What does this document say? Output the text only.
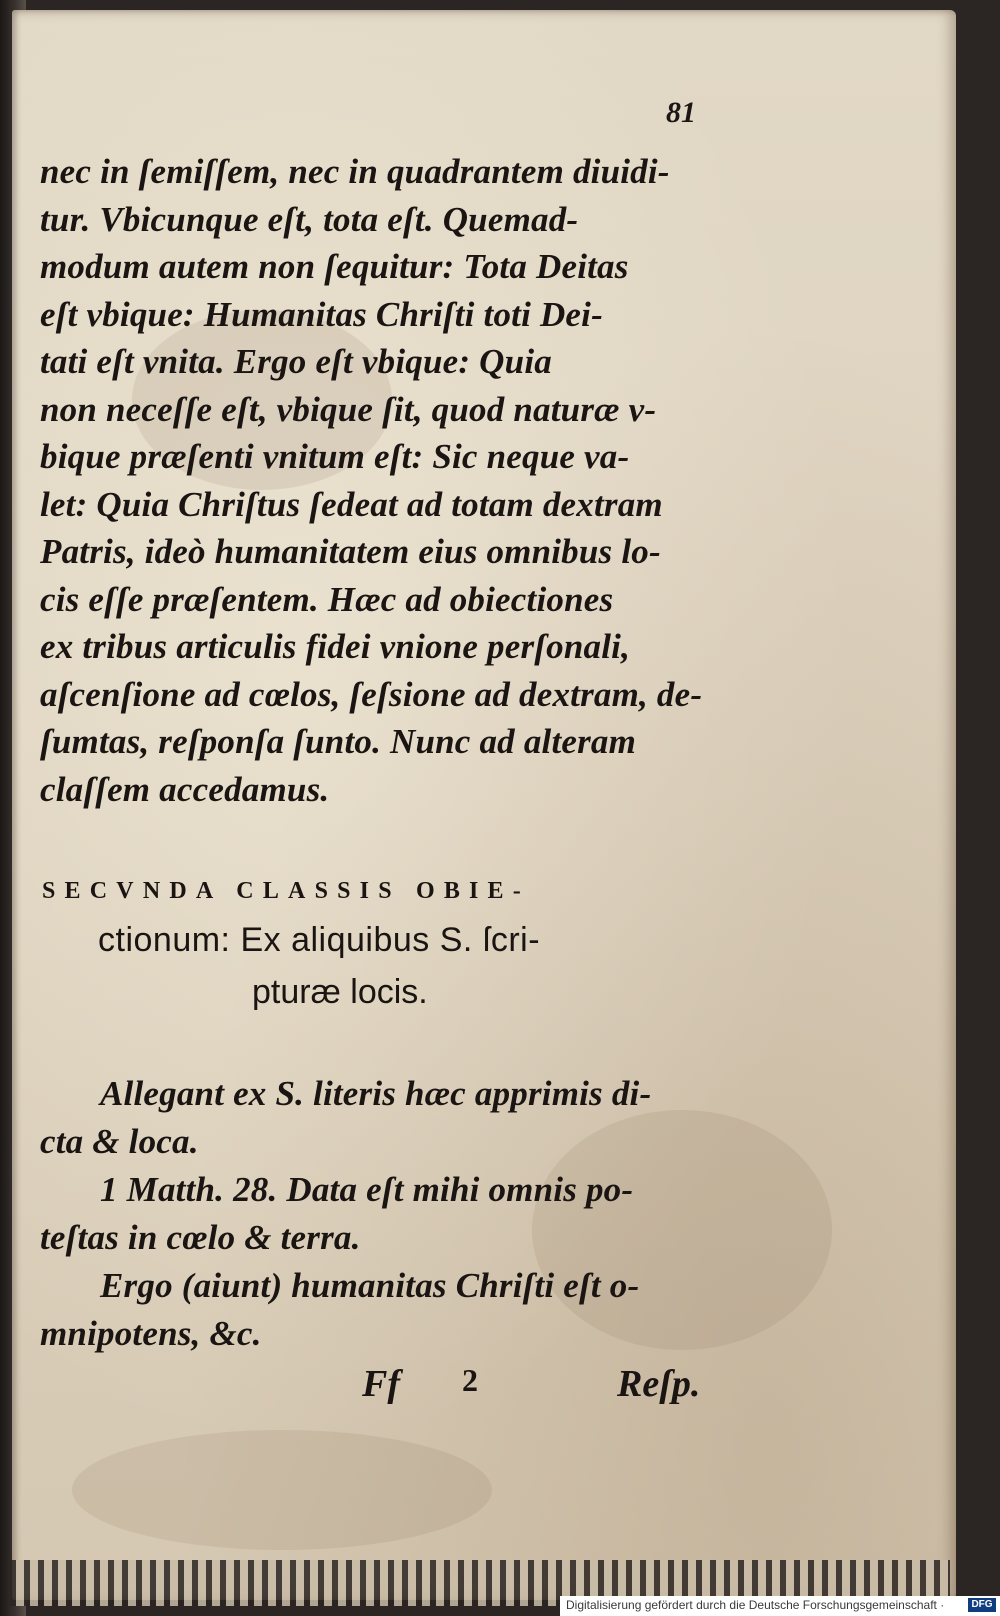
81
nec in ſemiſſem, nec in quadrantem diuidi-
tur. Vbicunque eſt, tota eſt. Quemad-
modum autem non ſequitur: Tota Deitas
eſt vbique: Humanitas Chriſti toti Dei-
tati eſt vnita. Ergo eſt vbique: Quia
non neceſſe eſt, vbique ſit, quod naturæ v-
bique præſenti vnitum eſt: Sic neque va-
let: Quia Chriſtus ſedeat ad totam dextram
Patris, ideò humanitatem eius omnibus lo-
cis eſſe præſentem. Hæc ad obiectiones
ex tribus articulis fidei vnione perſonali,
aſcenſione ad cœlos, ſeſsione ad dextram, de-
ſumtas, reſponſa ſunto. Nunc ad alteram
claſſem accedamus.
SECVNDA CLASSIS OBIE-
ctionum: Ex aliquibus S. ſcri-
pturæ locis.
Allegant ex S. literis hæc apprimis di-
cta & loca.
1 Matth. 28. Data eſt mihi omnis po-
teſtas in cœlo & terra.
Ergo (aiunt) humanitas Chriſti eſt o-
mnipotens, &c.
Ff 2	Reſp.
Digitalisierung gefördert durch die Deutsche Forschungsgemeinschaft ·	DFG
